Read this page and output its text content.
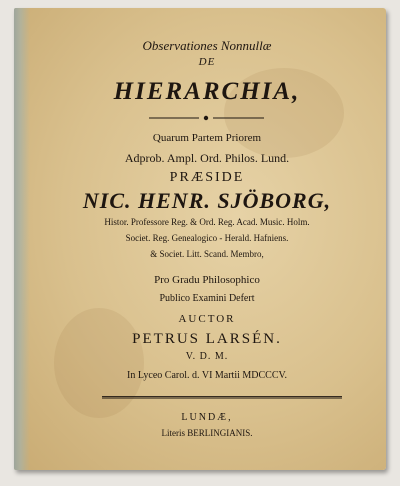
Observationes Nonnullæ
DE
HIERARCHIA,
Quarum Partem Priorem
Adprob. Ampl. Ord. Philos. Lund.
PRÆSIDE
NIC. HENR. SJÖBORG,
Histor. Professore Reg. & Ord. Reg. Acad. Music. Holm.
Societ. Reg. Genealogico - Herald. Hafniens.
& Societ. Litt. Scand. Membro,
Pro Gradu Philosophico
Publico Examini Defert
AUCTOR
PETRUS LARSÉN.
V. D. M.
In Lyceo Carol. d. VI Martii MDCCCV.
LUNDÆ,
Literis BERLINGIANIS.
